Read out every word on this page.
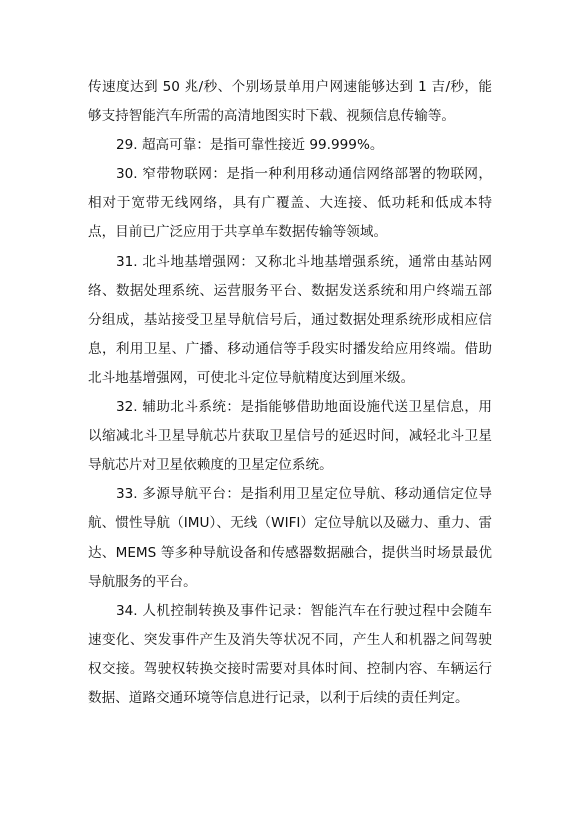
传速度达到 50 兆/秒、个别场景单用户网速能够达到 1 吉/秒，能够支持智能汽车所需的高清地图实时下载、视频信息传输等。

29. 超高可靠：是指可靠性接近 99.999%。

30. 窄带物联网：是指一种利用移动通信网络部署的物联网，相对于宽带无线网络，具有广覆盖、大连接、低功耗和低成本特点，目前已广泛应用于共享单车数据传输等领域。

31. 北斗地基增强网：又称北斗地基增强系统，通常由基站网络、数据处理系统、运营服务平台、数据发送系统和用户终端五部分组成，基站接受卫星导航信号后，通过数据处理系统形成相应信息，利用卫星、广播、移动通信等手段实时播发给应用终端。借助北斗地基增强网，可使北斗定位导航精度达到厘米级。

32. 辅助北斗系统：是指能够借助地面设施代送卫星信息，用以缩减北斗卫星导航芯片获取卫星信号的延迟时间，减轻北斗卫星导航芯片对卫星依赖度的卫星定位系统。

33. 多源导航平台：是指利用卫星定位导航、移动通信定位导航、惯性导航（IMU）、无线（WIFI）定位导航以及磁力、重力、雷达、MEMS 等多种导航设备和传感器数据融合，提供当时场景最优导航服务的平台。

34. 人机控制转换及事件记录：智能汽车在行驶过程中会随车速变化、突发事件产生及消失等状况不同，产生人和机器之间驾驶权交接。驾驶权转换交接时需要对具体时间、控制内容、车辆运行数据、道路交通环境等信息进行记录，以利于后续的责任判定。
